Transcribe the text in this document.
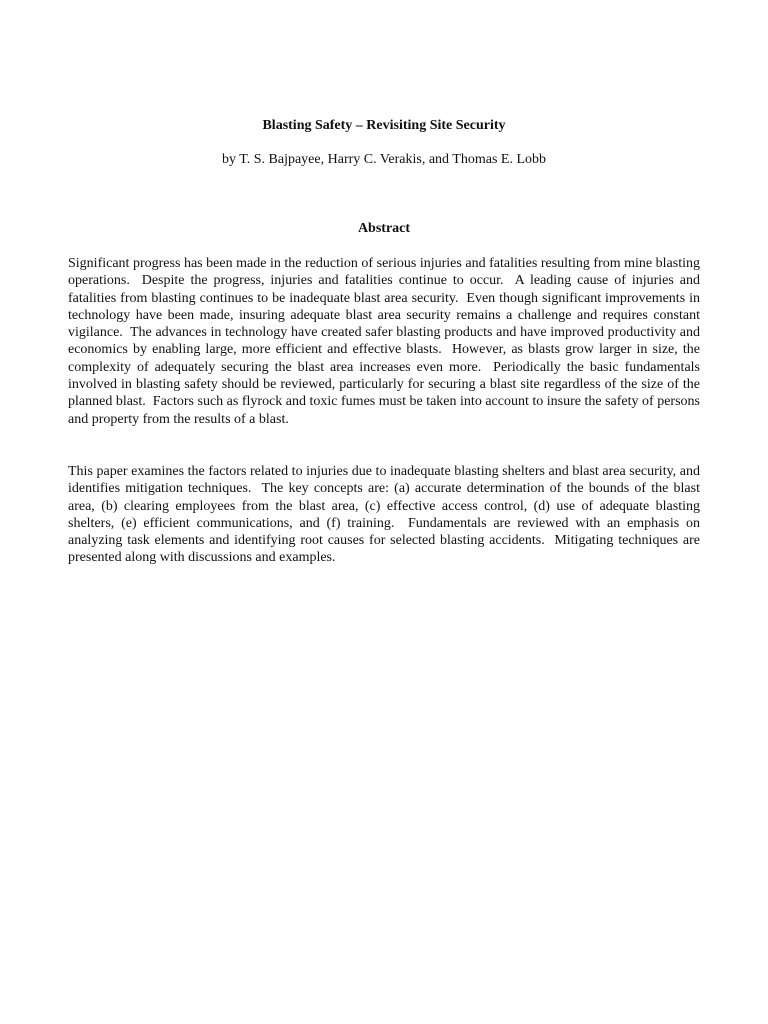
Blasting Safety – Revisiting Site Security
by T. S. Bajpayee, Harry C. Verakis, and Thomas E. Lobb
Abstract

Significant progress has been made in the reduction of serious injuries and fatalities resulting from mine blasting operations.  Despite the progress, injuries and fatalities continue to occur.  A leading cause of injuries and fatalities from blasting continues to be inadequate blast area security.  Even though significant improvements in technology have been made, insuring adequate blast area security remains a challenge and requires constant vigilance.  The advances in technology have created safer blasting products and have improved productivity and economics by enabling large, more efficient and effective blasts.  However, as blasts grow larger in size, the complexity of adequately securing the blast area increases even more.  Periodically the basic fundamentals involved in blasting safety should be reviewed, particularly for securing a blast site regardless of the size of the planned blast.  Factors such as flyrock and toxic fumes must be taken into account to insure the safety of persons and property from the results of a blast.

This paper examines the factors related to injuries due to inadequate blasting shelters and blast area security, and identifies mitigation techniques.  The key concepts are: (a) accurate determination of the bounds of the blast area, (b) clearing employees from the blast area, (c) effective access control, (d) use of adequate blasting shelters, (e) efficient communications, and (f) training.  Fundamentals are reviewed with an emphasis on analyzing task elements and identifying root causes for selected blasting accidents.  Mitigating techniques are presented along with discussions and examples.
